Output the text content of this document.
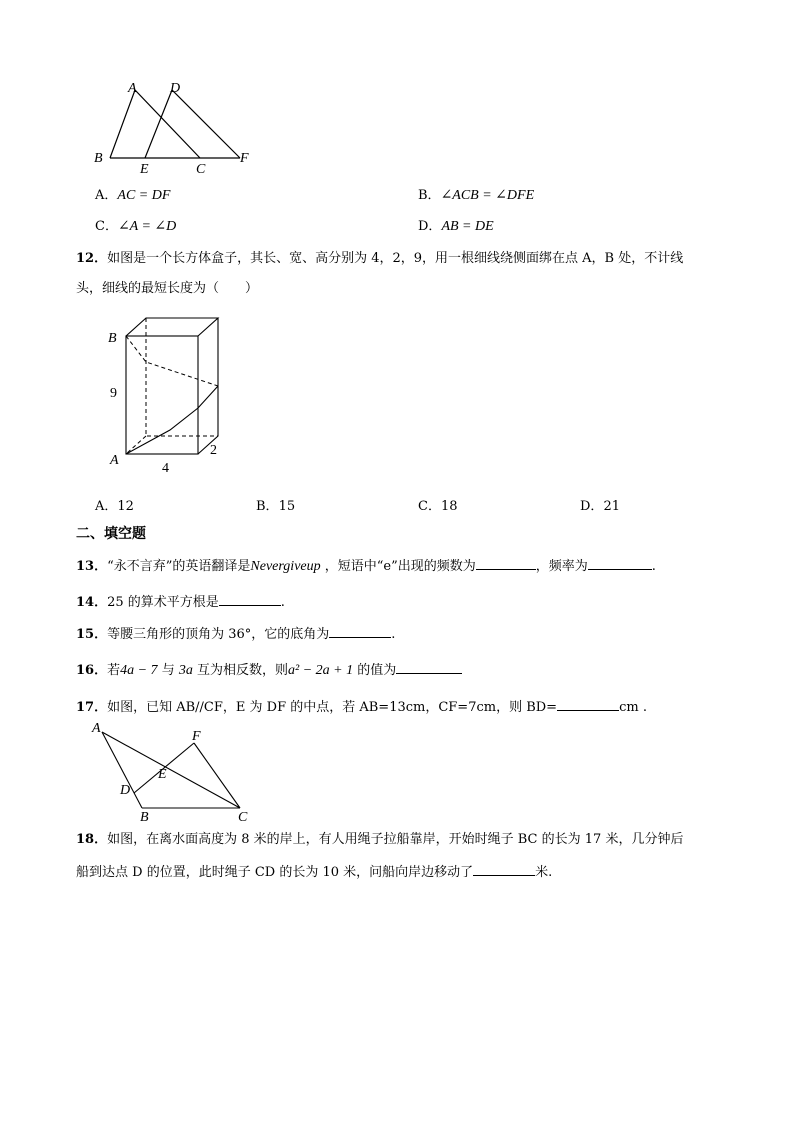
A D
B
E	C
F
A．AC = DF	B．∠ACB = ∠DFE
C．∠A = ∠D	D．AB = DE
12．如图是一个长方体盒子，其长、宽、高分别为 4，2，9，用一根细线绕侧面绑在点 A，B 处，不计线
头，细线的最短长度为（　　）
B
A
9
4
2
A．12	B．15	C．18	D．21
二、填空题
13．“永不言弃”的英语翻译是Nevergiveup ，短语中“e”出现的频数为	，频率为	.
14．25 的算术平方根是	.
15．等腰三角形的顶角为 36°，它的底角为	.
16．若4a − 7 与 3a 互为相反数，则a² − 2a + 1 的值为
17．如图，已知 AB//CF，E 为 DF 的中点，若 AB=13cm，CF=7cm，则 BD=	cm .
A
F
E
D
B	C
18．如图，在离水面高度为 8 米的岸上，有人用绳子拉船靠岸，开始时绳子 BC 的长为 17 米，几分钟后
船到达点 D 的位置，此时绳子 CD 的长为 10 米，问船向岸边移动了	米.
